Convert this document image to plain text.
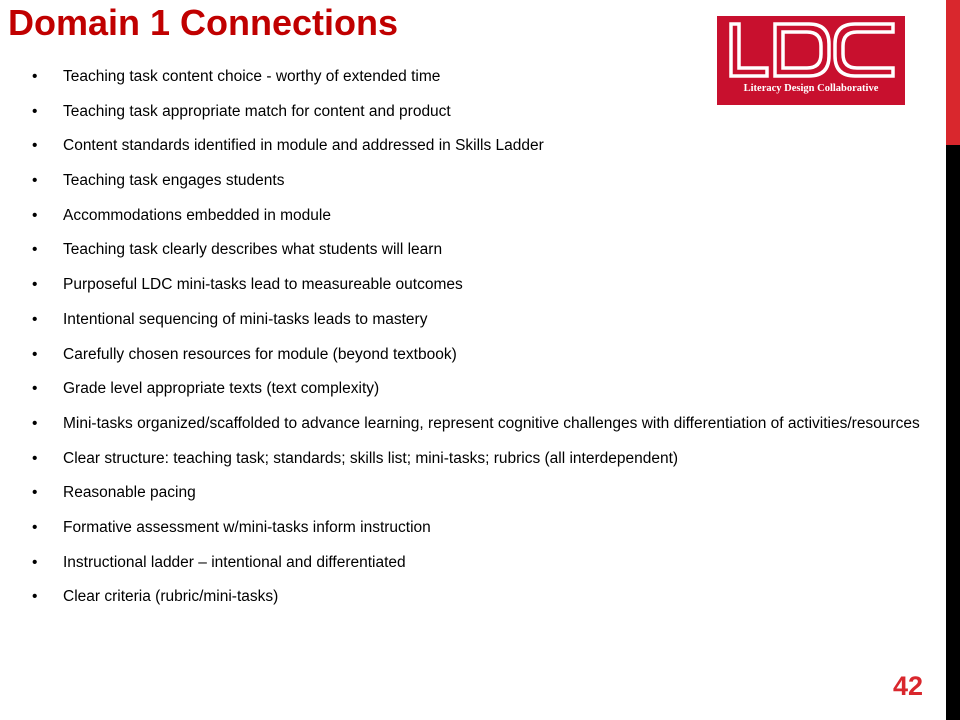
Domain 1 Connections
Literacy Design Collaborative
• Teaching task content choice - worthy of extended time
• Teaching task appropriate match for content and product
• Content standards identified in module and addressed in Skills Ladder
• Teaching task engages students
• Accommodations embedded in module
• Teaching task clearly describes what students will learn
• Purposeful LDC mini-tasks lead to measureable outcomes
• Intentional sequencing of mini-tasks leads to mastery
• Carefully chosen resources for module (beyond textbook)
• Grade level appropriate texts (text complexity)
• Mini-tasks organized/scaffolded to advance learning, represent cognitive challenges with differentiation of activities/resources
• Clear structure: teaching task; standards; skills list; mini-tasks; rubrics (all interdependent)
• Reasonable pacing
• Formative assessment w/mini-tasks inform instruction
• Instructional ladder – intentional and differentiated
• Clear criteria (rubric/mini-tasks)
42
